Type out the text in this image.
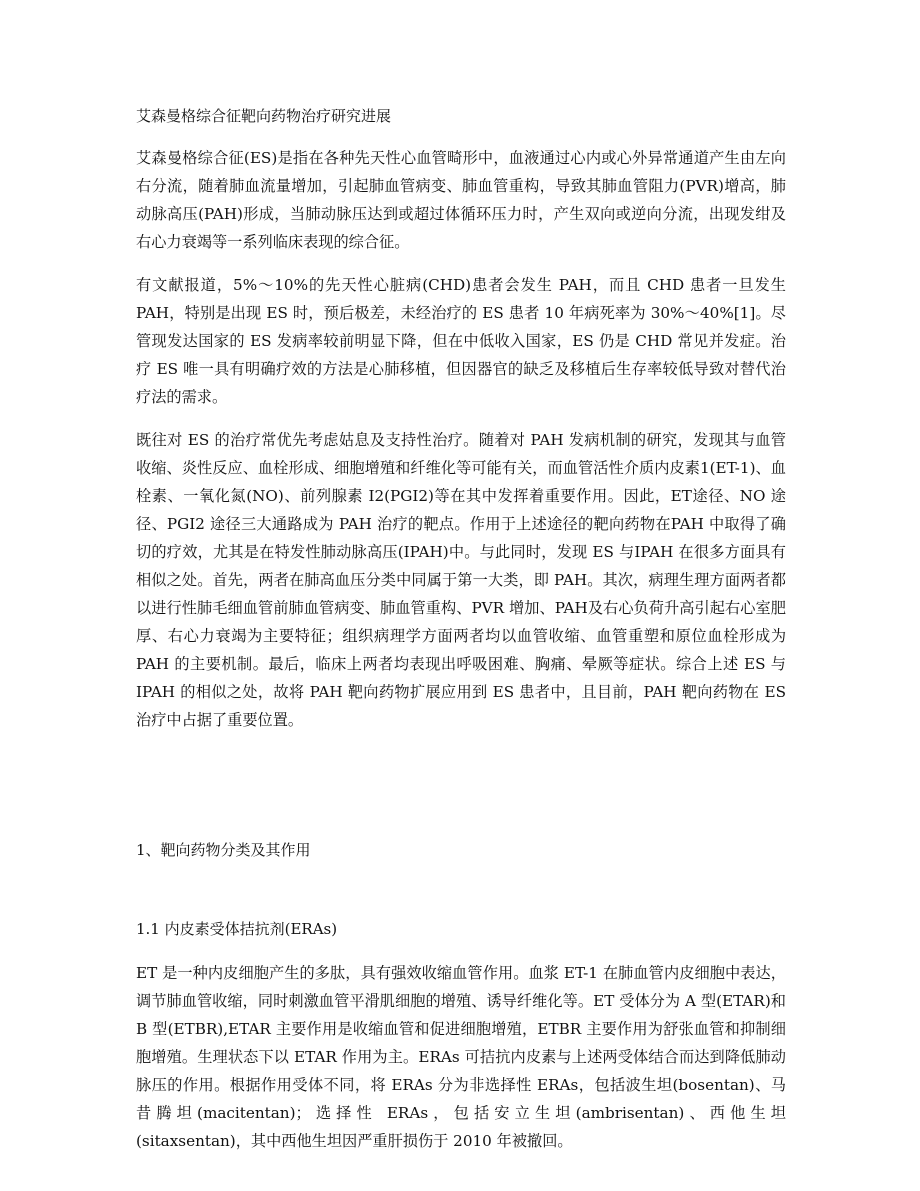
艾森曼格综合征靶向药物治疗研究进展

艾森曼格综合征(ES)是指在各种先天性心血管畸形中，血液通过心内或心外异常通道产生由左向右分流，随着肺血流量增加，引起肺血管病变、肺血管重构，导致其肺血管阻力(PVR)增高，肺动脉高压(PAH)形成，当肺动脉压达到或超过体循环压力时，产生双向或逆向分流，出现发绀及右心力衰竭等一系列临床表现的综合征。

有文献报道，5%～10%的先天性心脏病(CHD)患者会发生 PAH，而且 CHD 患者一旦发生 PAH，特别是出现 ES 时，预后极差，未经治疗的 ES 患者 10 年病死率为 30%～40%[1]。尽管现发达国家的 ES 发病率较前明显下降，但在中低收入国家，ES 仍是 CHD 常见并发症。治疗 ES 唯一具有明确疗效的方法是心肺移植，但因器官的缺乏及移植后生存率较低导致对替代治疗法的需求。

既往对 ES 的治疗常优先考虑姑息及支持性治疗。随着对 PAH 发病机制的研究，发现其与血管收缩、炎性反应、血栓形成、细胞增殖和纤维化等可能有关，而血管活性介质内皮素1(ET-1)、血栓素、一氧化氮(NO)、前列腺素 I2(PGI2)等在其中发挥着重要作用。因此，ET途径、NO 途径、PGI2 途径三大通路成为 PAH 治疗的靶点。作用于上述途径的靶向药物在PAH 中取得了确切的疗效，尤其是在特发性肺动脉高压(IPAH)中。与此同时，发现 ES 与IPAH 在很多方面具有相似之处。首先，两者在肺高血压分类中同属于第一大类，即 PAH。其次，病理生理方面两者都以进行性肺毛细血管前肺血管病变、肺血管重构、PVR 增加、PAH及右心负荷升高引起右心室肥厚、右心力衰竭为主要特征；组织病理学方面两者均以血管收缩、血管重塑和原位血栓形成为 PAH 的主要机制。最后，临床上两者均表现出呼吸困难、胸痛、晕厥等症状。综合上述 ES 与 IPAH 的相似之处，故将 PAH 靶向药物扩展应用到 ES 患者中，且目前，PAH 靶向药物在 ES 治疗中占据了重要位置。

1、靶向药物分类及其作用

1.1 内皮素受体拮抗剂(ERAs)

ET 是一种内皮细胞产生的多肽，具有强效收缩血管作用。血浆 ET-1 在肺血管内皮细胞中表达，调节肺血管收缩，同时刺激血管平滑肌细胞的增殖、诱导纤维化等。ET 受体分为 A 型(ETAR)和 B 型(ETBR),ETAR 主要作用是收缩血管和促进细胞增殖，ETBR 主要作用为舒张血管和抑制细胞增殖。生理状态下以 ETAR 作用为主。ERAs 可拮抗内皮素与上述两受体结合而达到降低肺动脉压的作用。根据作用受体不同，将 ERAs 分为非选择性 ERAs，包括波生坦(bosentan)、马昔腾坦(macitentan)；选择性 ERAs，包括安立生坦(ambrisentan)、西他生坦(sitaxsentan)，其中西他生坦因严重肝损伤于 2010 年被撤回。
